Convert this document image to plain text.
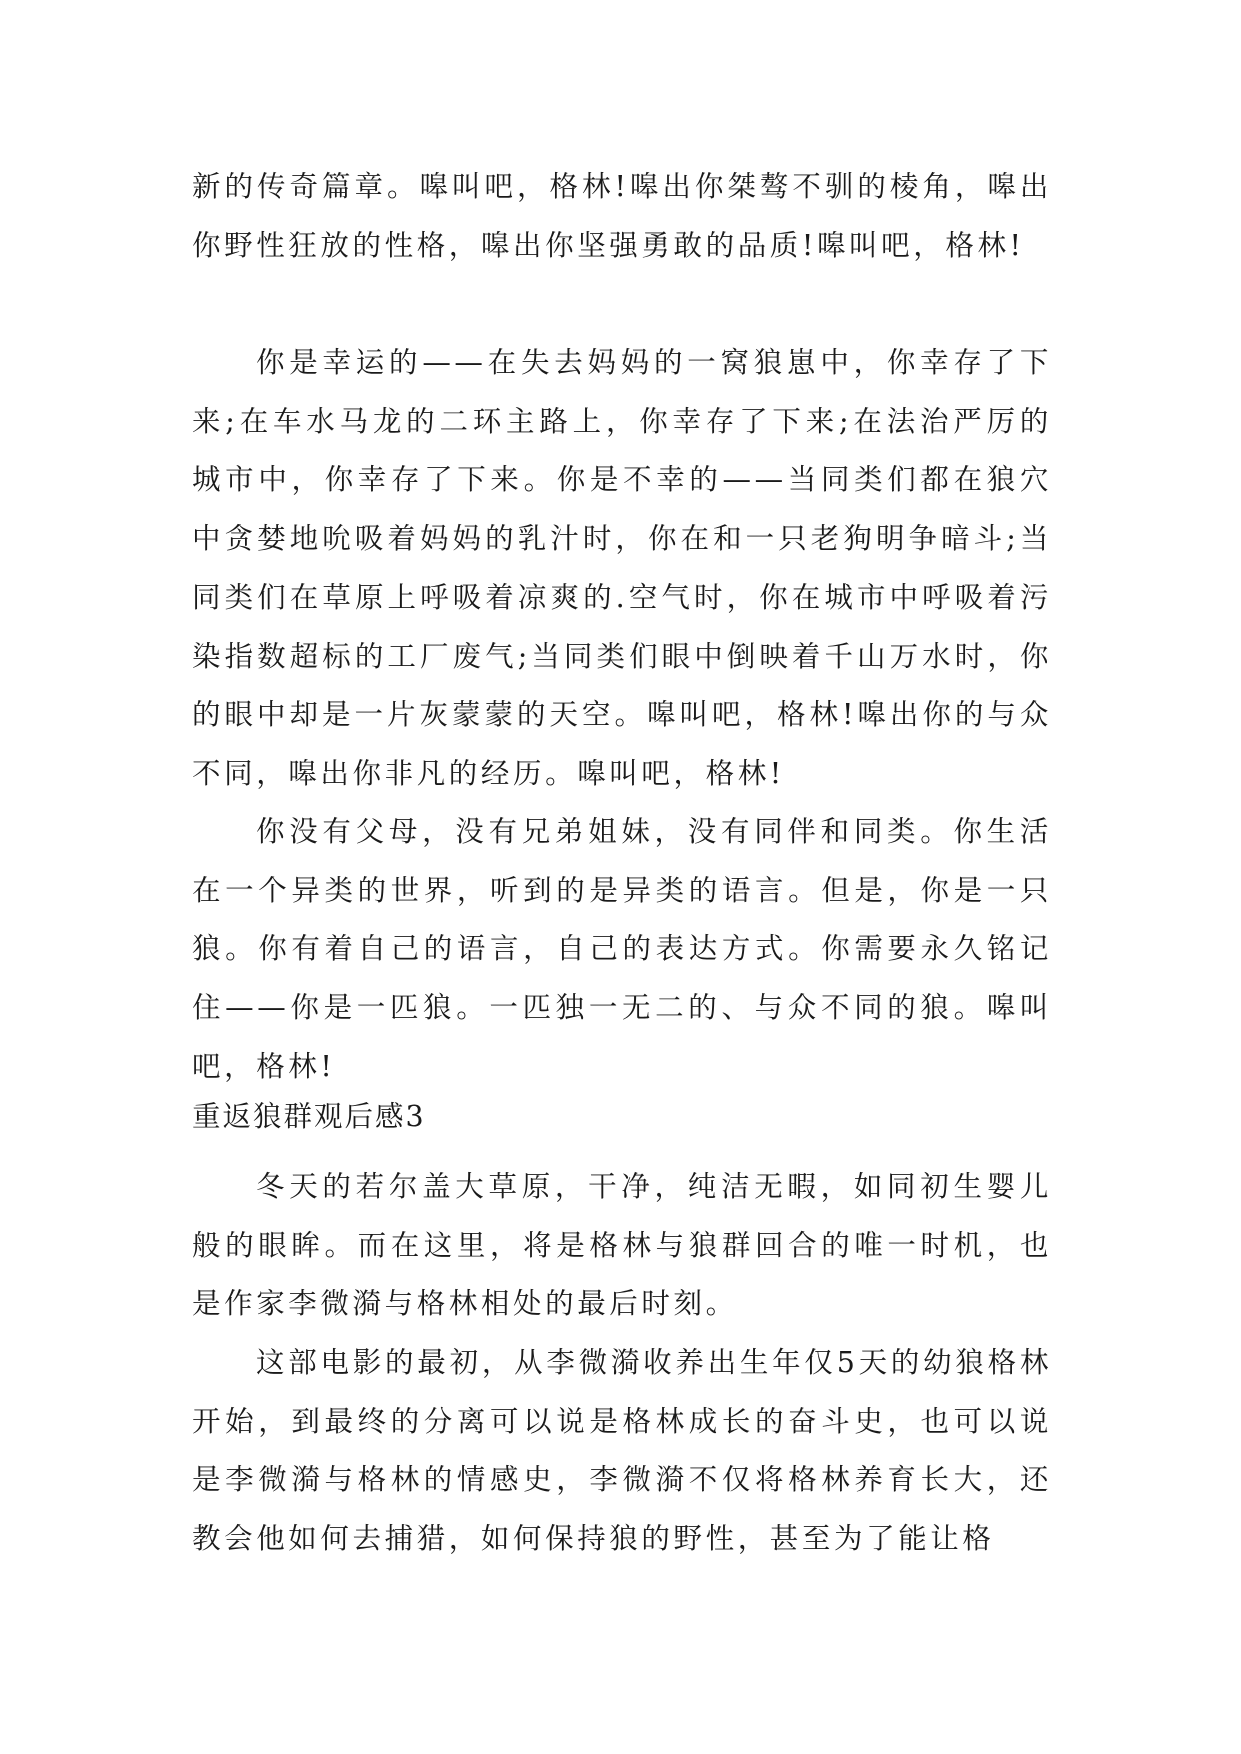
新的传奇篇章。嗥叫吧，格林!嗥出你桀骜不驯的棱角，嗥出你野性狂放的性格，嗥出你坚强勇敢的品质!嗥叫吧，格林!

你是幸运的——在失去妈妈的一窝狼崽中，你幸存了下来;在车水马龙的二环主路上，你幸存了下来;在法治严厉的城市中，你幸存了下来。你是不幸的——当同类们都在狼穴中贪婪地吮吸着妈妈的乳汁时，你在和一只老狗明争暗斗;当同类们在草原上呼吸着凉爽的.空气时，你在城市中呼吸着污染指数超标的工厂废气;当同类们眼中倒映着千山万水时，你的眼中却是一片灰蒙蒙的天空。嗥叫吧，格林!嗥出你的与众不同，嗥出你非凡的经历。嗥叫吧，格林!

你没有父母，没有兄弟姐妹，没有同伴和同类。你生活在一个异类的世界，听到的是异类的语言。但是，你是一只狼。你有着自己的语言，自己的表达方式。你需要永久铭记住——你是一匹狼。一匹独一无二的、与众不同的狼。嗥叫吧，格林!

重返狼群观后感3

冬天的若尔盖大草原，干净，纯洁无暇，如同初生婴儿般的眼眸。而在这里，将是格林与狼群回合的唯一时机，也是作家李微漪与格林相处的最后时刻。

这部电影的最初，从李微漪收养出生年仅5天的幼狼格林开始，到最终的分离可以说是格林成长的奋斗史，也可以说是李微漪与格林的情感史，李微漪不仅将格林养育长大，还教会他如何去捕猎，如何保持狼的野性，甚至为了能让格
